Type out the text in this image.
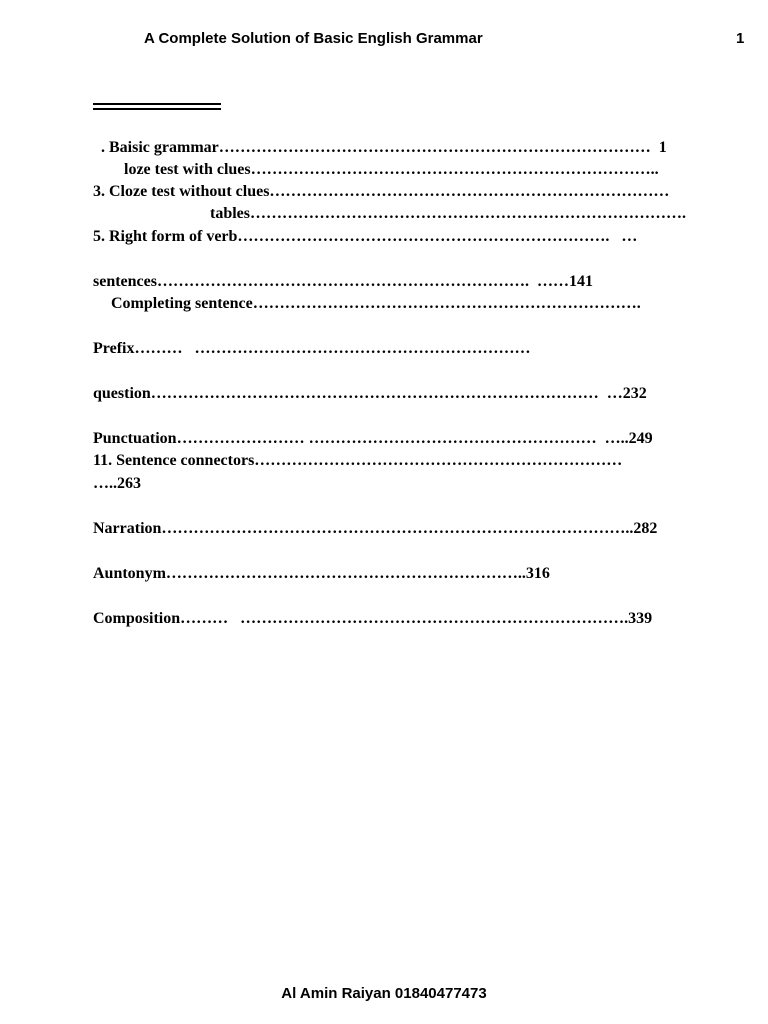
A Complete Solution of Basic English Grammar	1
. Baisic grammar………………………………………………………………………  1
loze test with clues…………………………………………………………………..
3. Cloze test without clues…………………………………………………………………
tables……………………………………………………………………….
5. Right form of verb…………………………………………………………….   …
sentences…………………………………………………………….  ……141
Completing sentence……………………………………………………………….
Prefix………   ………………………………………………………
question…………………………………………………………………………  …232
Punctuation…………………… ………………………………………………  …..249
11. Sentence connectors……………………………………………………………
…..263
Narration……………………………………………………………………………..282
Auntonym…………………………………………………………..316
Composition………   ……………………………………………………………….339
Al Amin Raiyan 01840477473
